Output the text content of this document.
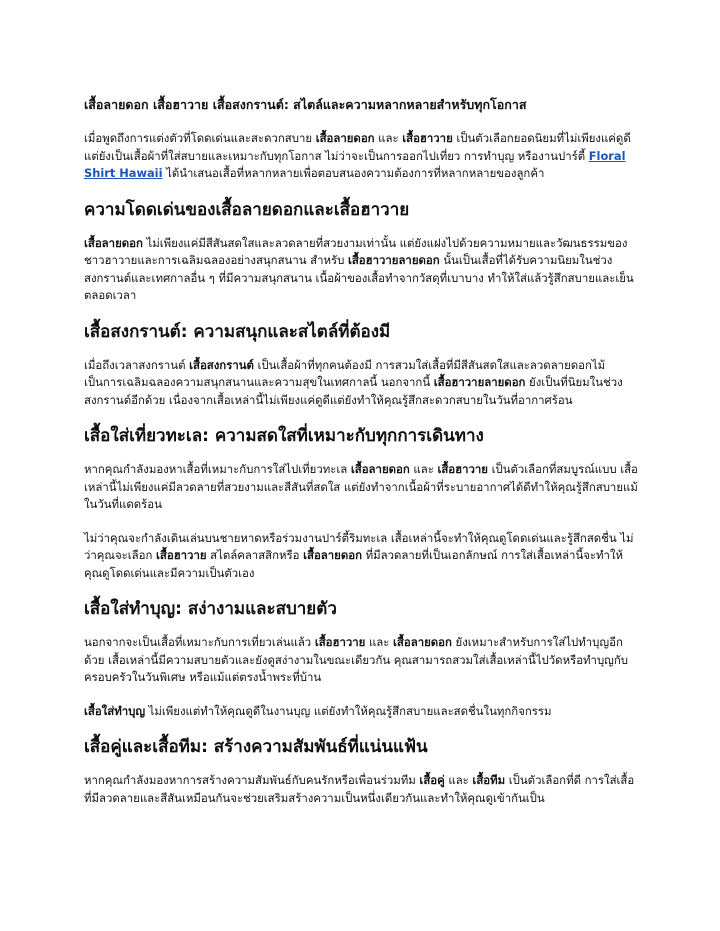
เสื้อลายดอก เสื้อฮาวาย เสื้อสงกรานต์: สไตล์และความหลากหลายสำหรับทุกโอกาส

เมื่อพูดถึงการแต่งตัวที่โดดเด่นและสะดวกสบาย เสื้อลายดอก และ เสื้อฮาวาย เป็นตัวเลือกยอดนิยมที่ไม่เพียงแค่ดูดี แต่ยังเป็นเสื้อผ้าที่ใส่สบายและเหมาะกับทุกโอกาส ไม่ว่าจะเป็นการออกไปเที่ยว การทำบุญ หรืองานปาร์ตี้ Floral Shirt Hawaii ได้นำเสนอเสื้อที่หลากหลายเพื่อตอบสนองความต้องการที่หลากหลายของลูกค้า

ความโดดเด่นของเสื้อลายดอกและเสื้อฮาวาย

เสื้อลายดอก ไม่เพียงแค่มีสีสันสดใสและลวดลายที่สวยงามเท่านั้น แต่ยังแฝงไปด้วยความหมายและวัฒนธรรมของชาวฮาวายและการเฉลิมฉลองอย่างสนุกสนาน สำหรับ เสื้อฮาวายลายดอก นั้นเป็นเสื้อที่ได้รับความนิยมในช่วงสงกรานต์และเทศกาลอื่น ๆ ที่มีความสนุกสนาน เนื้อผ้าของเสื้อทำจากวัสดุที่เบาบาง ทำให้ใส่แล้วรู้สึกสบายและเย็นตลอดเวลา

เสื้อสงกรานต์: ความสนุกและสไตล์ที่ต้องมี

เมื่อถึงเวลาสงกรานต์ เสื้อสงกรานต์ เป็นเสื้อผ้าที่ทุกคนต้องมี การสวมใส่เสื้อที่มีสีสันสดใสและลวดลายดอกไม้เป็นการเฉลิมฉลองความสนุกสนานและความสุขในเทศกาลนี้ นอกจากนี้ เสื้อฮาวายลายดอก ยังเป็นที่นิยมในช่วงสงกรานต์อีกด้วย เนื่องจากเสื้อเหล่านี้ไม่เพียงแค่ดูดีแต่ยังทำให้คุณรู้สึกสะดวกสบายในวันที่อากาศร้อน

เสื้อใส่เที่ยวทะเล: ความสดใสที่เหมาะกับทุกการเดินทาง

หากคุณกำลังมองหาเสื้อที่เหมาะกับการใส่ไปเที่ยวทะเล เสื้อลายดอก และ เสื้อฮาวาย เป็นตัวเลือกที่สมบูรณ์แบบ เสื้อเหล่านี้ไม่เพียงแค่มีลวดลายที่สวยงามและสีสันที่สดใส แต่ยังทำจากเนื้อผ้าที่ระบายอากาศได้ดีทำให้คุณรู้สึกสบายแม้ในวันที่แดดร้อน

ไม่ว่าคุณจะกำลังเดินเล่นบนชายหาดหรือร่วมงานปาร์ตี้ริมทะเล เสื้อเหล่านี้จะทำให้คุณดูโดดเด่นและรู้สึกสดชื่น ไม่ว่าคุณจะเลือก เสื้อฮาวาย สไตล์คลาสสิกหรือ เสื้อลายดอก ที่มีลวดลายที่เป็นเอกลักษณ์ การใส่เสื้อเหล่านี้จะทำให้คุณดูโดดเด่นและมีความเป็นตัวเอง

เสื้อใส่ทำบุญ: สง่างามและสบายตัว

นอกจากจะเป็นเสื้อที่เหมาะกับการเที่ยวเล่นแล้ว เสื้อฮาวาย และ เสื้อลายดอก ยังเหมาะสำหรับการใส่ไปทำบุญอีกด้วย เสื้อเหล่านี้มีความสบายตัวและยังดูสง่างามในขณะเดียวกัน คุณสามารถสวมใส่เสื้อเหล่านี้ไปวัดหรือทำบุญกับครอบครัวในวันพิเศษ หรือแม้แต่ตรงน้ำพระที่บ้าน

เสื้อใส่ทำบุญ ไม่เพียงแต่ทำให้คุณดูดีในงานบุญ แต่ยังทำให้คุณรู้สึกสบายและสดชื่นในทุกกิจกรรม

เสื้อคู่และเสื้อทีม: สร้างความสัมพันธ์ที่แน่นแฟ้น

หากคุณกำลังมองหาการสร้างความสัมพันธ์กับคนรักหรือเพื่อนร่วมทีม เสื้อคู่ และ เสื้อทีม เป็นตัวเลือกที่ดี การใส่เสื้อที่มีลวดลายและสีสันเหมือนกันจะช่วยเสริมสร้างความเป็นหนึ่งเดียวกันและทำให้คุณดูเข้ากันเป็น
